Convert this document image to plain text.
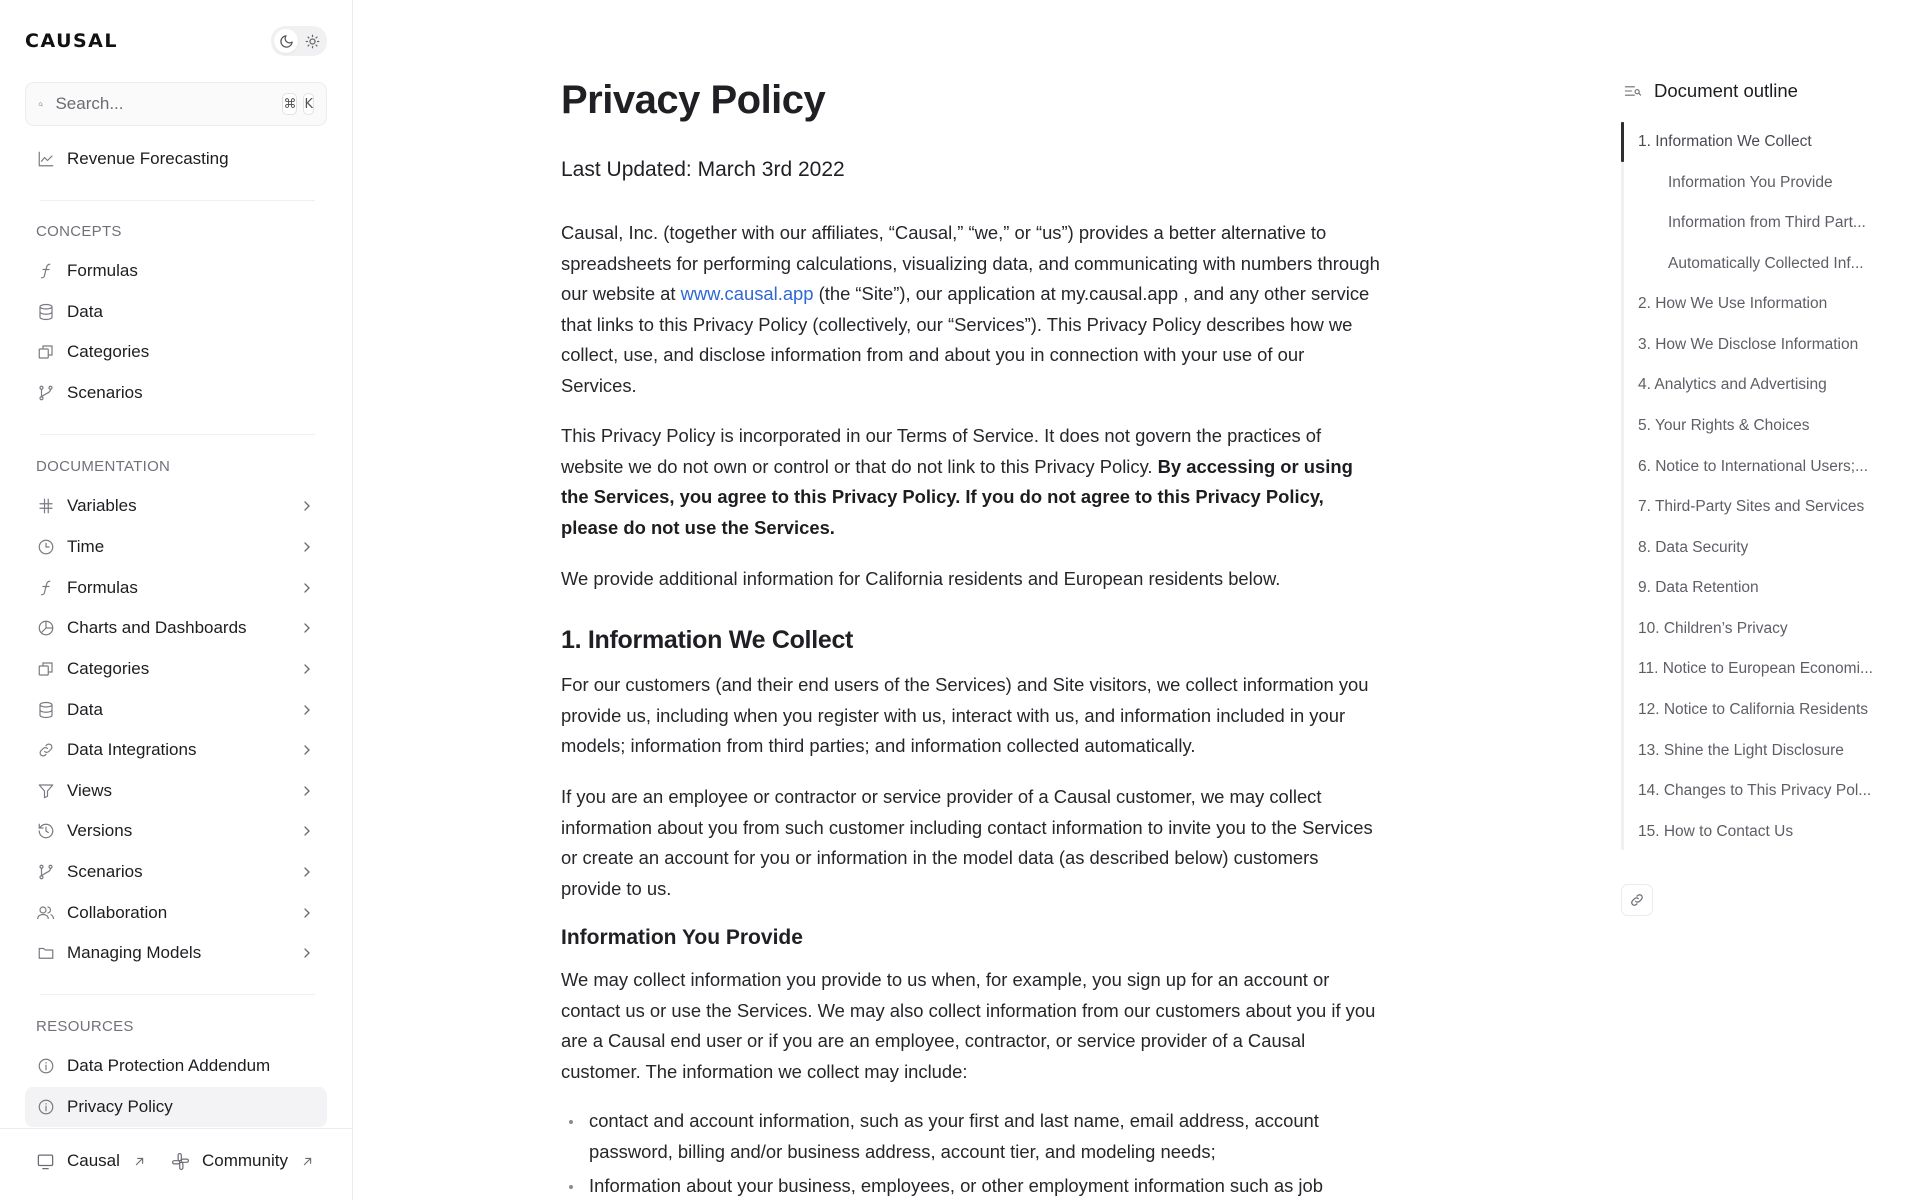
CAUSAL
Search...
⌘ K
Revenue Forecasting
CONCEPTS
Formulas
Data
Categories
Scenarios
DOCUMENTATION
Variables
Time
Formulas
Charts and Dashboards
Categories
Data
Data Integrations
Views
Versions
Scenarios
Collaboration
Managing Models
RESOURCES
Data Protection Addendum
Privacy Policy
Causal	Community
Privacy Policy
Last Updated: March 3rd 2022

Causal, Inc. (together with our affiliates, “Causal,” “we,” or “us”) provides a better alternative to spreadsheets for performing calculations, visualizing data, and communicating with numbers through our website at www.causal.app (the “Site”), our application at my.causal.app , and any other service that links to this Privacy Policy (collectively, our “Services”). This Privacy Policy describes how we collect, use, and disclose information from and about you in connection with your use of our Services.

This Privacy Policy is incorporated in our Terms of Service. It does not govern the practices of website we do not own or control or that do not link to this Privacy Policy. By accessing or using the Services, you agree to this Privacy Policy. If you do not agree to this Privacy Policy, please do not use the Services.

We provide additional information for California residents and European residents below.

1. Information We Collect

For our customers (and their end users of the Services) and Site visitors, we collect information you provide us, including when you register with us, interact with us, and information included in your models; information from third parties; and information collected automatically.

If you are an employee or contractor or service provider of a Causal customer, we may collect information about you from such customer including contact information to invite you to the Services or create an account for you or information in the model data (as described below) customers provide to us.

Information You Provide

We may collect information you provide to us when, for example, you sign up for an account or contact us or use the Services. We may also collect information from our customers about you if you are a Causal end user or if you are an employee, contractor, or service provider of a Causal customer. The information we collect may include:

contact and account information, such as your first and last name, email address, account password, billing and/or business address, account tier, and modeling needs;
Information about your business, employees, or other employment information such as job
Document outline
1. Information We Collect
Information You Provide
Information from Third Part...
Automatically Collected Inf...
2. How We Use Information
3. How We Disclose Information
4. Analytics and Advertising
5. Your Rights & Choices
6. Notice to International Users;...
7. Third-Party Sites and Services
8. Data Security
9. Data Retention
10. Children’s Privacy
11. Notice to European Economi...
12. Notice to California Residents
13. Shine the Light Disclosure
14. Changes to This Privacy Pol...
15. How to Contact Us
